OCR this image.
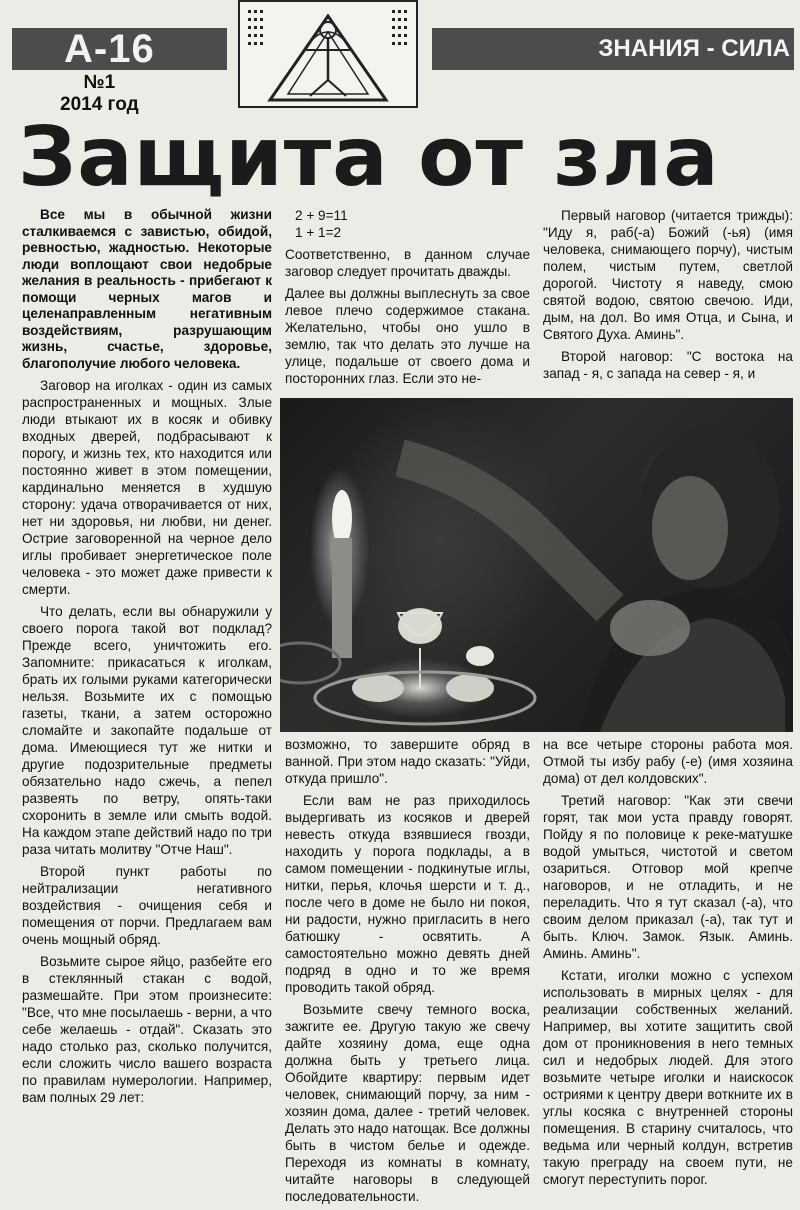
А-16	ЗНАНИЯ - СИЛА
№1
2014 год
Защита от зла

Все мы в обычной жизни сталкиваемся с завистью, обидой, ревностью, жадностью. Некоторые люди воплощают свои недобрые желания в реальность - прибегают к помощи черных магов и целенаправленным негативным воздействиям, разрушающим жизнь, счастье, здоровье, благополучие любого человека.

Заговор на иголках - один из самых распространенных и мощных. Злые люди втыкают их в косяк и обивку входных дверей, подбрасывают к порогу, и жизнь тех, кто находится или постоянно живет в этом помещении, кардинально меняется в худшую сторону: удача отворачивается от них, нет ни здоровья, ни любви, ни денег. Острие заговоренной на черное дело иглы пробивает энергетическое поле человека - это может даже привести к смерти.

Что делать, если вы обнаружили у своего порога такой вот подклад? Прежде всего, уничтожить его. Запомните: прикасаться к иголкам, брать их голыми руками категорически нельзя. Возьмите их с помощью газеты, ткани, а затем осторожно сломайте и закопайте подальше от дома. Имеющиеся тут же нитки и другие подозрительные предметы обязательно надо сжечь, а пепел развеять по ветру, опять-таки схоронить в земле или смыть водой. На каждом этапе действий надо по три раза читать молитву "Отче Наш".

Второй пункт работы по нейтрализации негативного воздействия - очищения себя и помещения от порчи. Предлагаем вам очень мощный обряд.

Возьмите сырое яйцо, разбейте его в стеклянный стакан с водой, размешайте. При этом произнесите: "Все, что мне посылаешь - верни, а что себе желаешь - отдай". Сказать это надо столько раз, сколько получится, если сложить число вашего возраста по правилам нумерологии. Например, вам полных 29 лет:

2 + 9=11
1 + 1=2

Соответственно, в данном случае заговор следует прочитать дважды.

Далее вы должны выплеснуть за свое левое плечо содержимое стакана. Желательно, чтобы оно ушло в землю, так что делать это лучше на улице, подальше от своего дома и посторонних глаз. Если это не-

Первый наговор (читается трижды): "Иду я, раб(-а) Божий (-ья) (имя человека, снимающего порчу), чистым полем, чистым путем, светлой дорогой. Чистоту я наведу, смою святой водою, святою свечою. Иди, дым, на дол. Во имя Отца, и Сына, и Святого Духа. Аминь".

Второй наговор: "С востока на запад - я, с запада на север - я, и

возможно, то завершите обряд в ванной. При этом надо сказать: "Уйди, откуда пришло".

Если вам не раз приходилось выдергивать из косяков и дверей невесть откуда взявшиеся гвозди, находить у порога подклады, а в самом помещении - подкинутые иглы, нитки, перья, клочья шерсти и т. д., после чего в доме не было ни покоя, ни радости, нужно пригласить в него батюшку - освятить. А самостоятельно можно девять дней подряд в одно и то же время проводить такой обряд.

Возьмите свечу темного воска, зажгите ее. Другую такую же свечу дайте хозяину дома, еще одна должна быть у третьего лица. Обойдите квартиру: первым идет человек, снимающий порчу, за ним - хозяин дома, далее - третий человек. Делать это надо натощак. Все должны быть в чистом белье и одежде. Переходя из комнаты в комнату, читайте наговоры в следующей последовательности.

на все четыре стороны работа моя. Отмой ты избу рабу (-е) (имя хозяина дома) от дел колдовских".

Третий наговор: "Как эти свечи горят, так мои уста правду говорят. Пойду я по половице к реке-матушке водой умыться, чистотой и светом озариться. Отговор мой крепче наговоров, и не отладить, и не переладить. Что я тут сказал (-а), что своим делом приказал (-а), так тут и быть. Ключ. Замок. Язык. Аминь. Аминь. Аминь".

Кстати, иголки можно с успехом использовать в мирных целях - для реализации собственных желаний. Например, вы хотите защитить свой дом от проникновения в него темных сил и недобрых людей. Для этого возьмите четыре иголки и наискосок остриями к центру двери воткните их в углы косяка с внутренней стороны помещения. В старину считалось, что ведьма или черный колдун, встретив такую преграду на своем пути, не смогут переступить порог.
